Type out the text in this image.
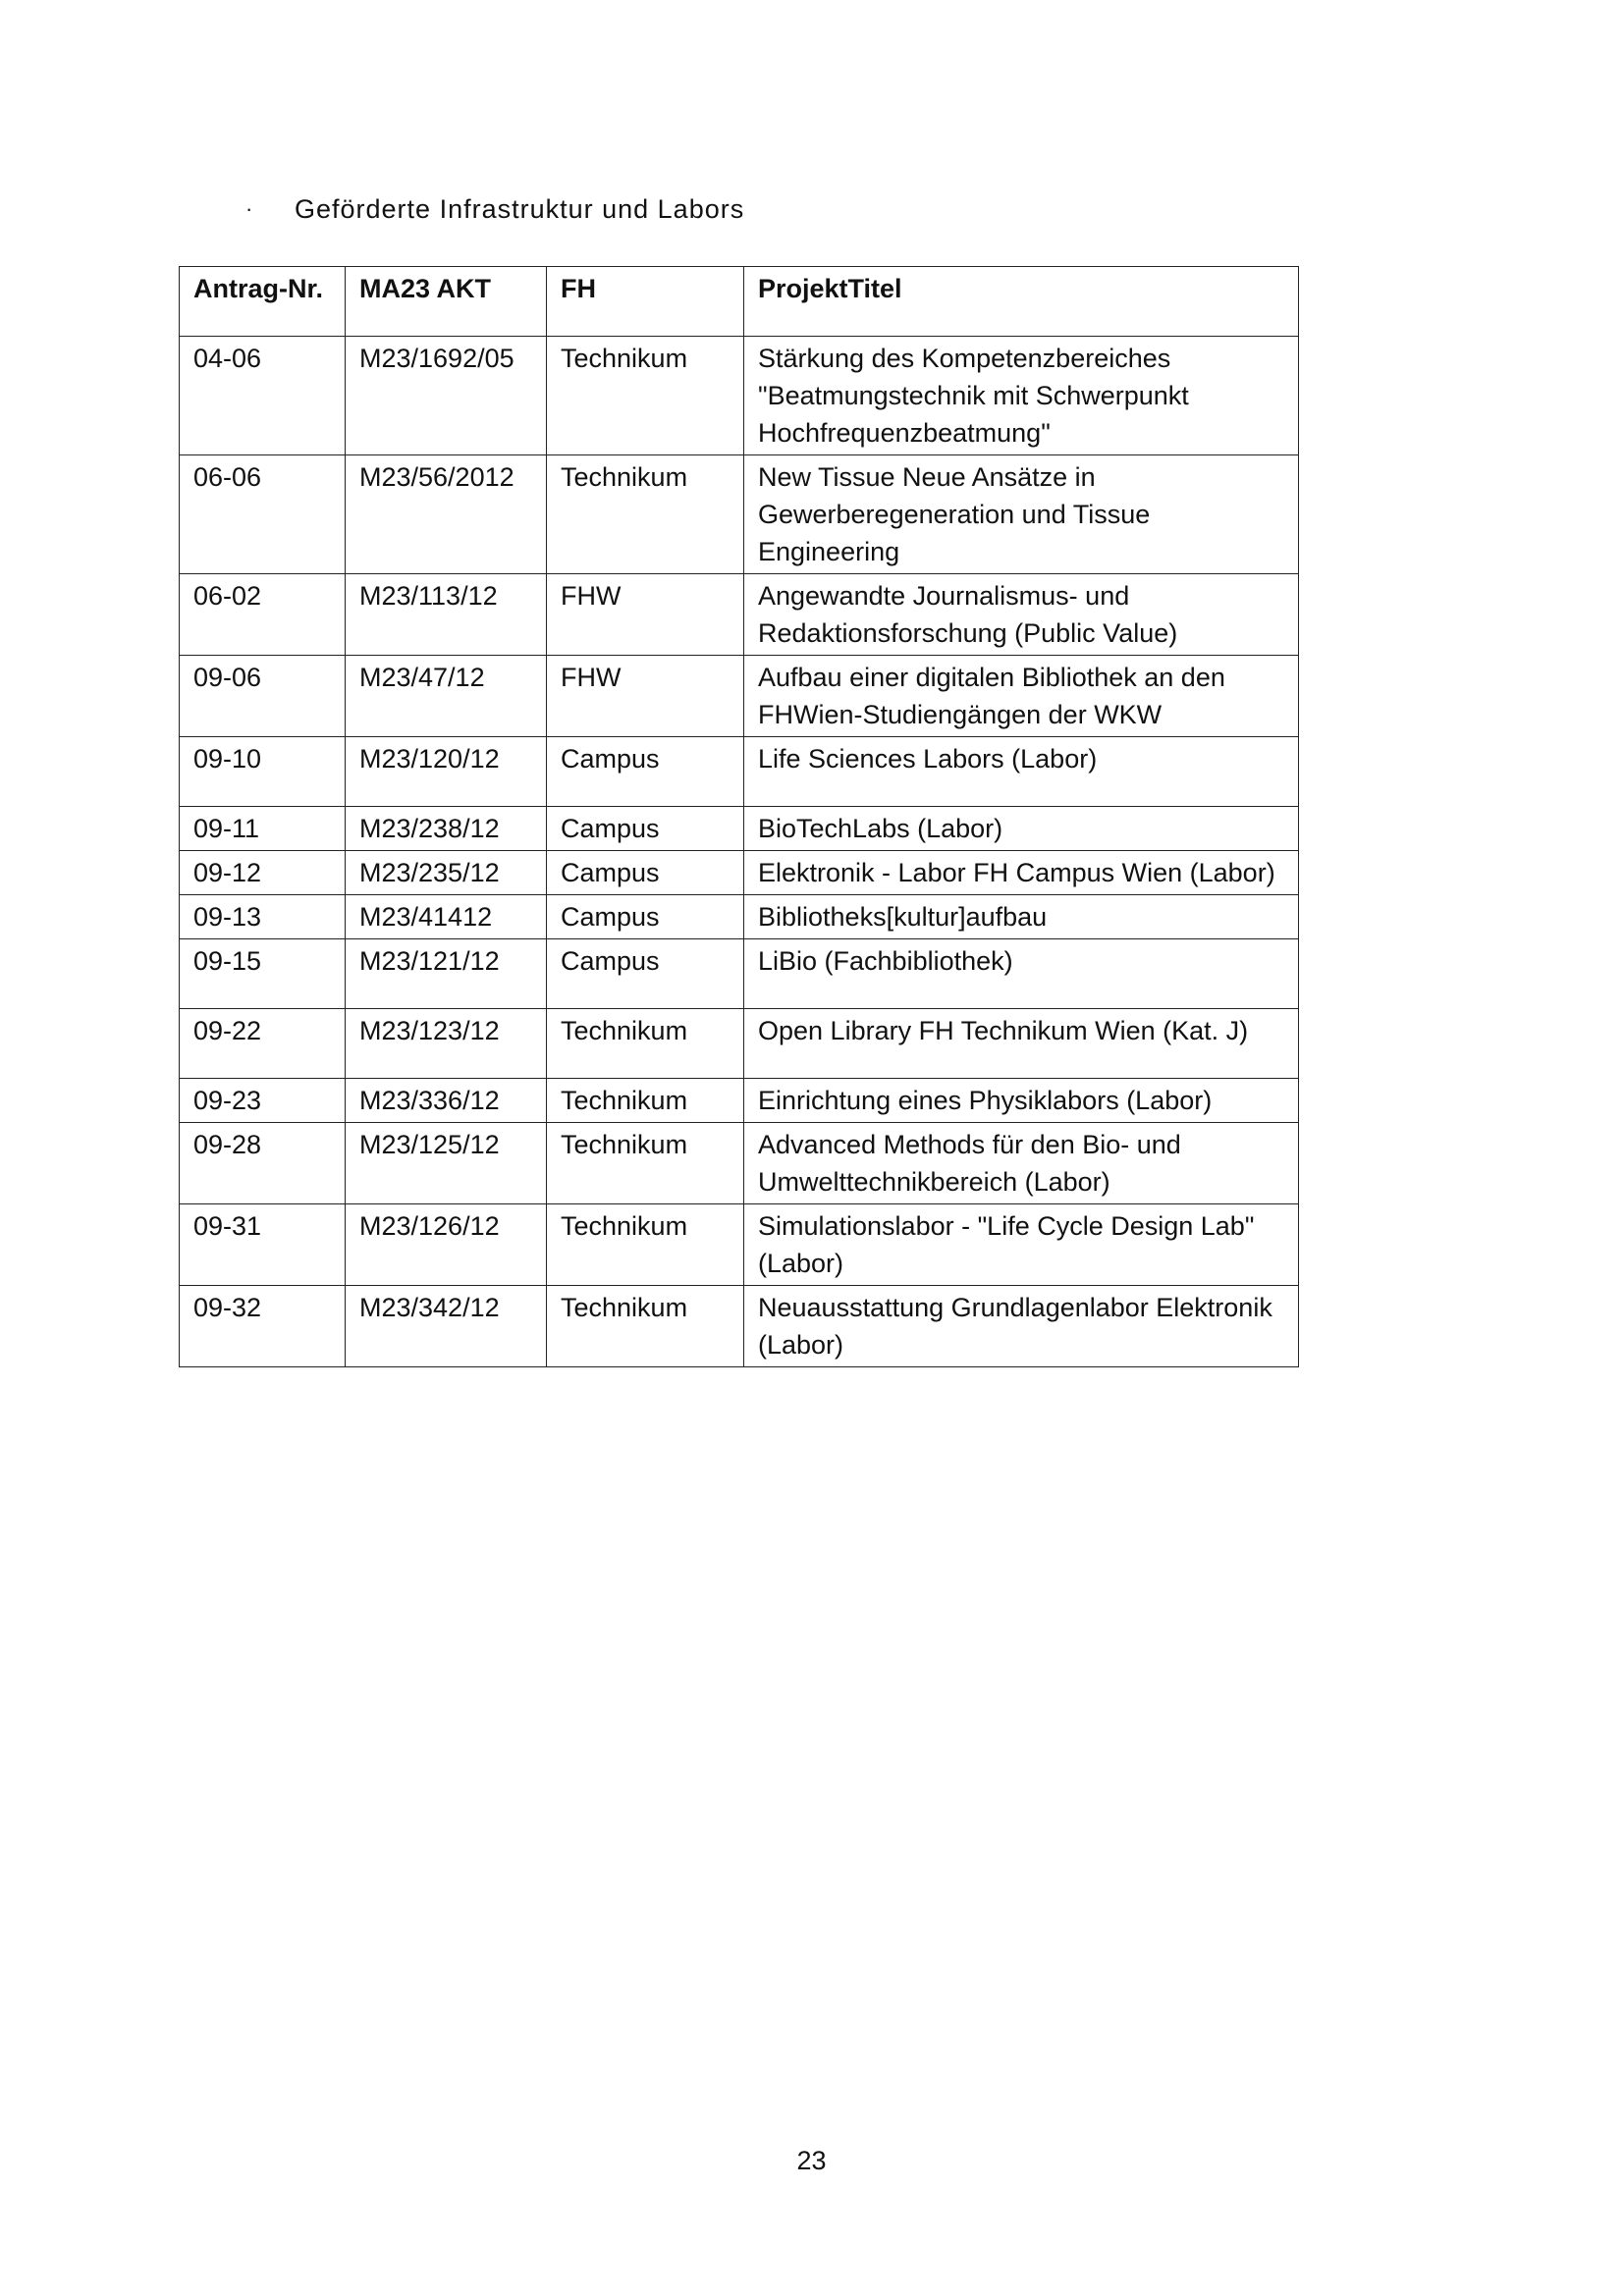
·	Geförderte Infrastruktur und Labors
Antrag-Nr.	MA23 AKT	FH	ProjektTitel
04-06	M23/1692/05	Technikum	Stärkung des Kompetenzbereiches "Beatmungstechnik mit Schwerpunkt Hochfrequenzbeatmung"
06-06	M23/56/2012	Technikum	New Tissue Neue Ansätze in Gewerberegeneration und Tissue Engineering
06-02	M23/113/12	FHW	Angewandte Journalismus- und Redaktionsforschung (Public Value)
09-06	M23/47/12	FHW	Aufbau einer digitalen Bibliothek an den FHWien-Studiengängen der WKW
09-10	M23/120/12	Campus	Life Sciences Labors (Labor)
09-11	M23/238/12	Campus	BioTechLabs (Labor)
09-12	M23/235/12	Campus	Elektronik - Labor FH Campus Wien (Labor)
09-13	M23/41412	Campus	Bibliotheks[kultur]aufbau
09-15	M23/121/12	Campus	LiBio (Fachbibliothek)
09-22	M23/123/12	Technikum	Open Library FH Technikum Wien (Kat. J)
09-23	M23/336/12	Technikum	Einrichtung eines Physiklabors (Labor)
09-28	M23/125/12	Technikum	Advanced Methods für den Bio- und Umwelttechnikbereich (Labor)
09-31	M23/126/12	Technikum	Simulationslabor - "Life Cycle Design Lab" (Labor)
09-32	M23/342/12	Technikum	Neuausstattung Grundlagenlabor Elektronik (Labor)
23
